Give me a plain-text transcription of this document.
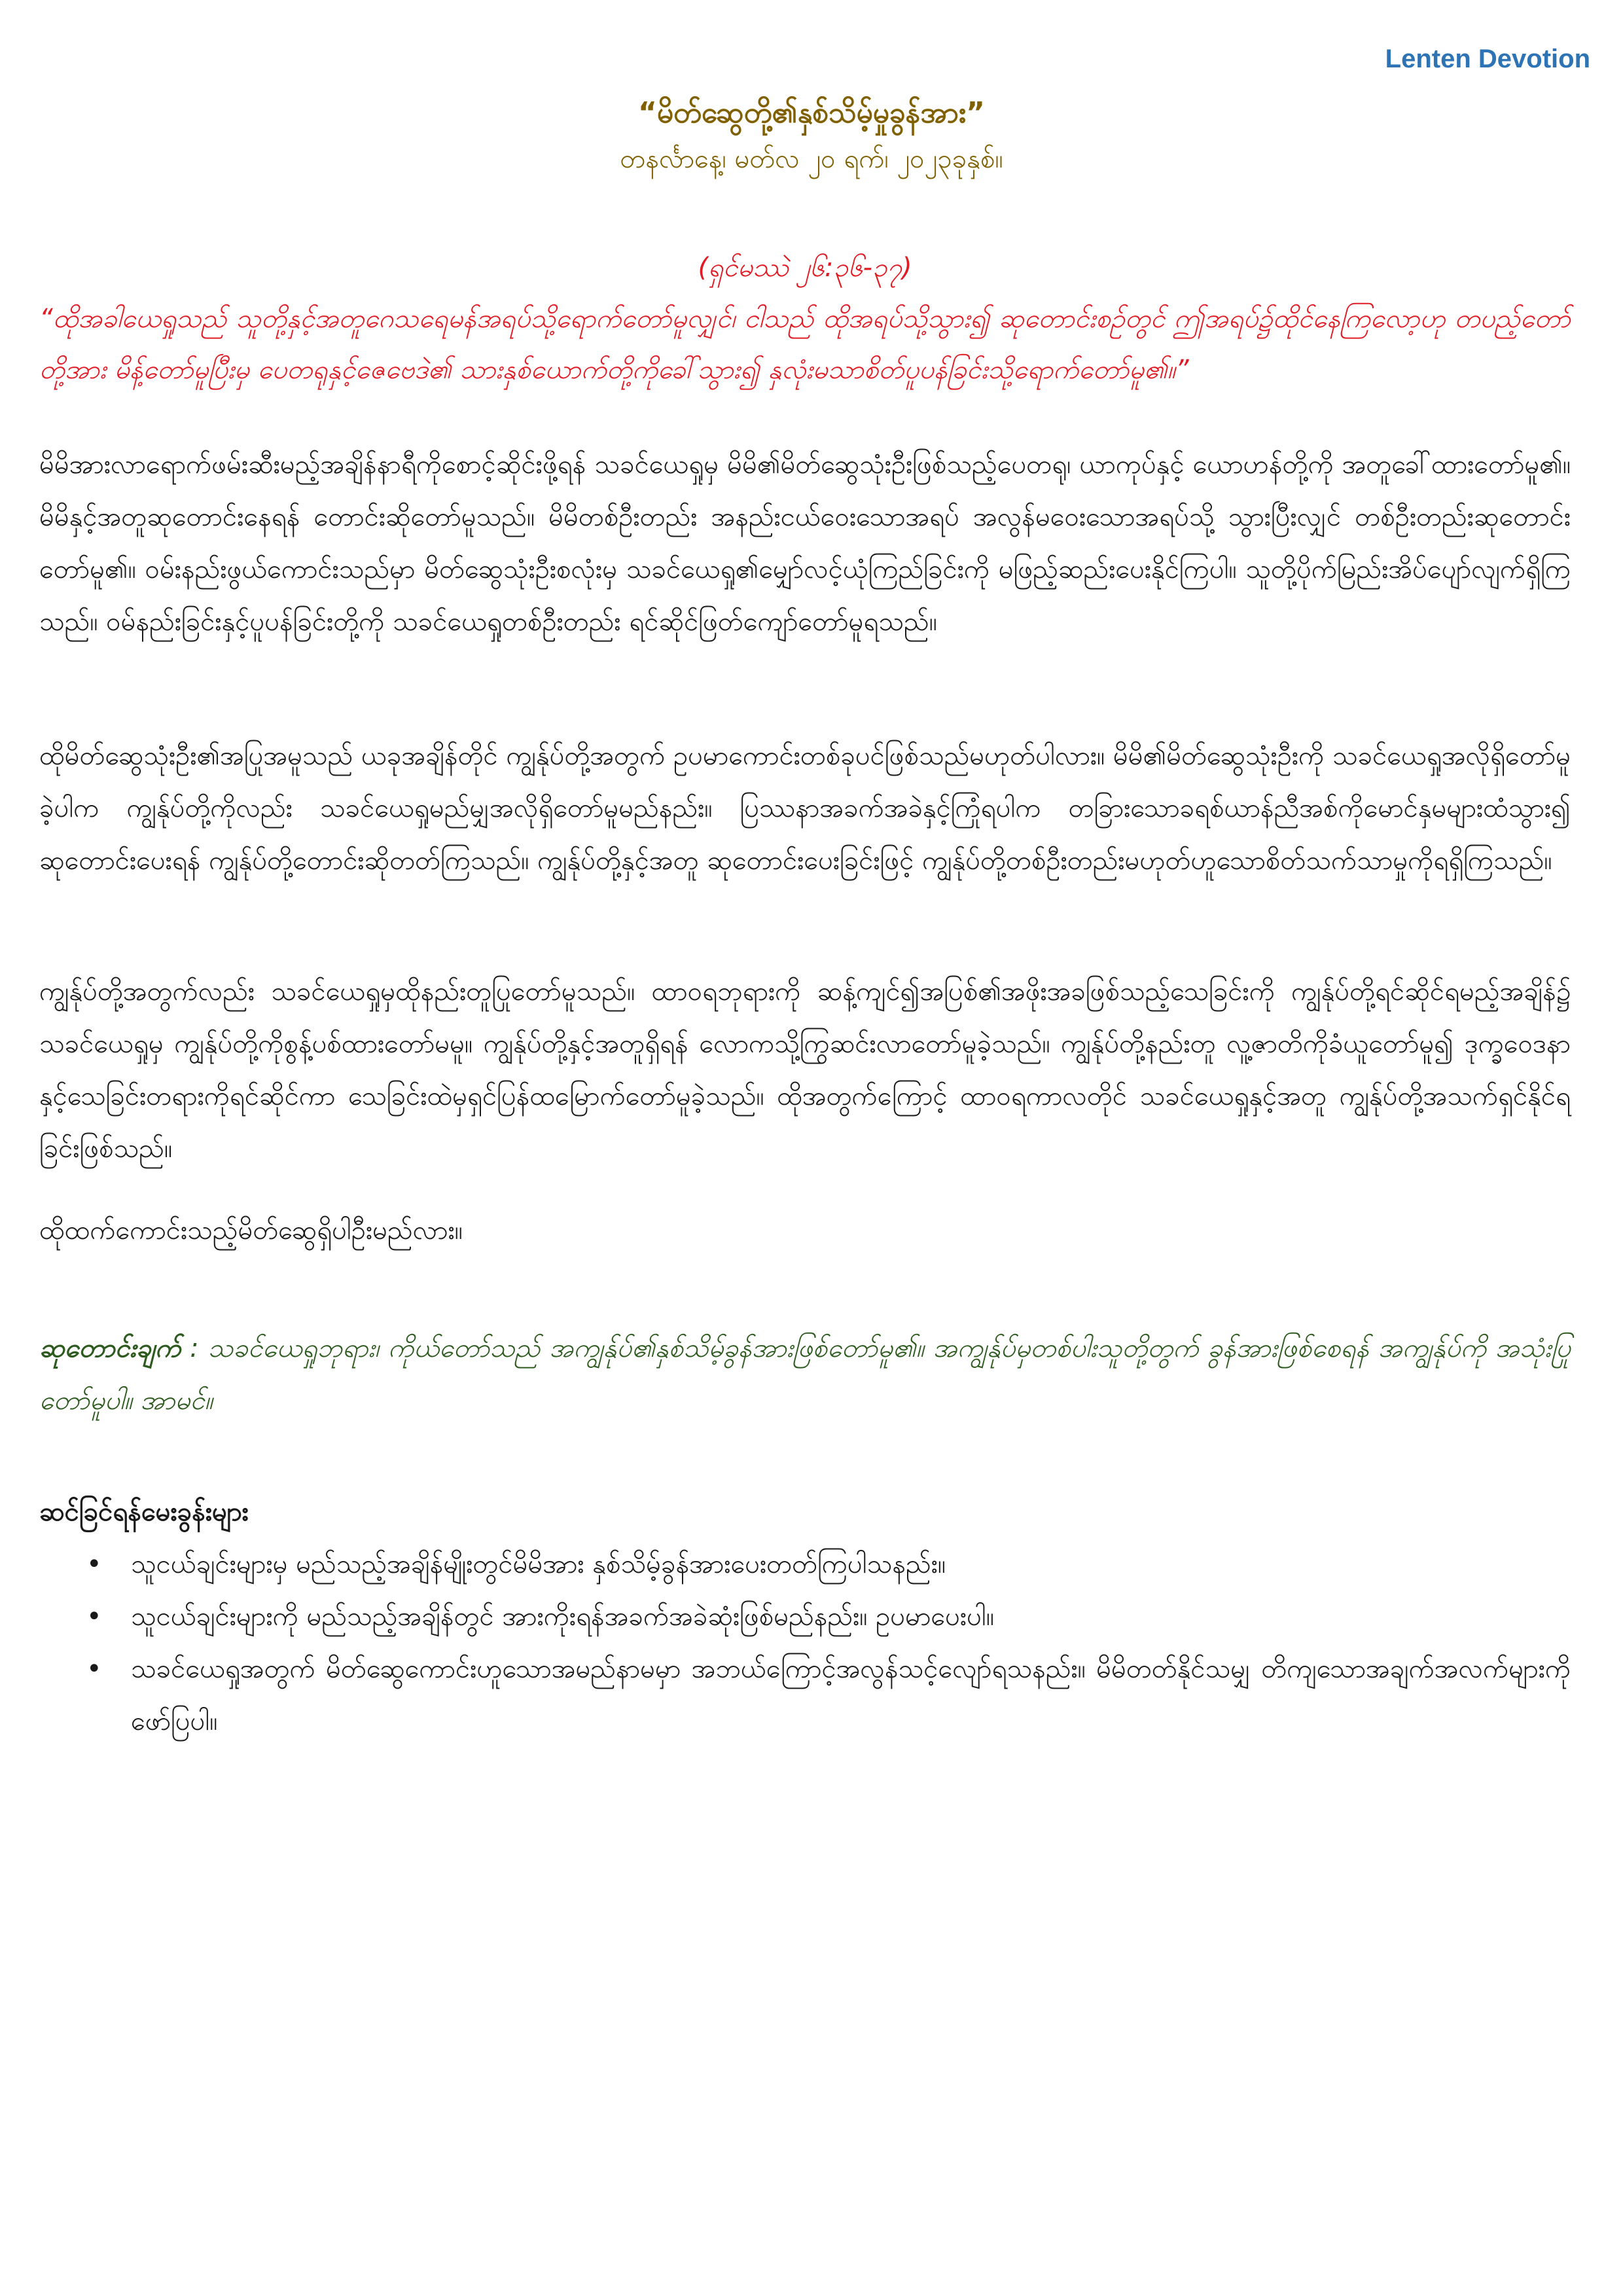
Lenten Devotion
“မိတ်ဆွေတို့၏နှစ်သိမ့်မှုခွန်အား”
တနင်္လာနေ့၊ မတ်လ ၂၀ ရက်၊ ၂၀၂၃ခုနှစ်။
(ရှင်မဿဲ ၂၆:၃၆-၃၇)
“ထိုအခါယေရှုသည် သူတို့နှင့်အတူဂေသရေမန်အရပ်သို့ရောက်တော်မူလျှင်၊ ငါသည် ထိုအရပ်သို့သွား၍ ဆုတောင်းစဉ်တွင် ဤအရပ်၌ထိုင်နေကြလော့ဟု တပည့်တော်တို့အား မိန့်တော်မူပြီးမှ ပေတရုနှင့်ဇေဗေဒဲ၏ သားနှစ်ယောက်တို့ကိုခေါ်သွား၍ နှလုံးမသာစိတ်ပူပန်ခြင်းသို့ရောက်တော်မူ၏။”

မိမိအားလာရောက်ဖမ်းဆီးမည့်အချိန်နာရီကိုစောင့်ဆိုင်းဖို့ရန် သခင်ယေရှုမှ မိမိ၏မိတ်ဆွေသုံးဦးဖြစ်သည့်ပေတရု၊ ယာကုပ်နှင့် ယောဟန်တို့ကို အတူခေါ်ထားတော်မူ၏။ မိမိနှင့်အတူဆုတောင်းနေရန် တောင်းဆိုတော်မူသည်။ မိမိတစ်ဦးတည်း အနည်းငယ်ဝေးသောအရပ် အလွန်မဝေးသောအရပ်သို့ သွားပြီးလျှင် တစ်ဦးတည်းဆုတောင်းတော်မူ၏။ ဝမ်းနည်းဖွယ်ကောင်းသည်မှာ မိတ်ဆွေသုံးဦးစလုံးမှ သခင်ယေရှု၏မျှော်လင့်ယုံကြည်ခြင်းကို မဖြည့်ဆည်းပေးနိုင်ကြပါ။ သူတို့ပိုက်မြည်းအိပ်ပျော်လျက်ရှိကြသည်။ ဝမ်နည်းခြင်းနှင့်ပူပန်ခြင်းတို့ကို သခင်ယေရှုတစ်ဦးတည်း ရင်ဆိုင်ဖြတ်ကျော်တော်မူရသည်။

ထိုမိတ်ဆွေသုံးဦး၏အပြုအမူသည် ယခုအချိန်တိုင် ကျွန်ုပ်တို့အတွက် ဥပမာကောင်းတစ်ခုပင်ဖြစ်သည်မဟုတ်ပါလား။ မိမိ၏မိတ်ဆွေသုံးဦးကို သခင်ယေရှုအလိုရှိတော်မူခဲ့ပါက ကျွန်ုပ်တို့ကိုလည်း သခင်ယေရှုမည်မျှအလိုရှိတော်မူမည်နည်း။ ပြဿနာအခက်အခဲနှင့်ကြုံရပါက တခြားသောခရစ်ယာန်ညီအစ်ကိုမောင်နှမများထံသွား၍ ဆုတောင်းပေးရန် ကျွန်ုပ်တို့တောင်းဆိုတတ်ကြသည်။ ကျွန်ုပ်တို့နှင့်အတူ ဆုတောင်းပေးခြင်းဖြင့် ကျွန်ုပ်တို့တစ်ဦးတည်းမဟုတ်ဟူသောစိတ်သက်သာမှုကိုရရှိကြသည်။

ကျွန်ုပ်တို့အတွက်လည်း သခင်ယေရှုမှထိုနည်းတူပြုတော်မူသည်။ ထာဝရဘုရားကို ဆန့်ကျင်၍အပြစ်၏အဖိုးအခဖြစ်သည့်သေခြင်းကို ကျွန်ုပ်တို့ရင်ဆိုင်ရမည့်အချိန်၌ သခင်ယေရှုမှ ကျွန်ုပ်တို့ကိုစွန့်ပစ်ထားတော်မမူ။ ကျွန်ုပ်တို့နှင့်အတူရှိရန် လောကသို့ကြွဆင်းလာတော်မူခဲ့သည်။ ကျွန်ုပ်တို့နည်းတူ လူ့ဇာတိကိုခံယူတော်မူ၍ ဒုက္ခဝေဒနာနှင့်သေခြင်းတရားကိုရင်ဆိုင်ကာ သေခြင်းထဲမှရှင်ပြန်ထမြောက်တော်မူခဲ့သည်။ ထိုအတွက်ကြောင့် ထာဝရကာလတိုင် သခင်ယေရှုနှင့်အတူ ကျွန်ုပ်တို့အသက်ရှင်နိုင်ရခြင်းဖြစ်သည်။

ထိုထက်ကောင်းသည့်မိတ်ဆွေရှိပါဦးမည်လား။

ဆုတောင်းချက် : သခင်ယေရှုဘုရား၊ ကိုယ်တော်သည် အကျွန်ုပ်၏နှစ်သိမ့်ခွန်အားဖြစ်တော်မူ၏။ အကျွန်ုပ်မှတစ်ပါးသူတို့တွက် ခွန်အားဖြစ်စေရန် အကျွန်ုပ်ကို အသုံးပြုတော်မူပါ။ အာမင်။
ဆင်ခြင်ရန်မေးခွန်းများ
• သူငယ်ချင်းများမှ မည်သည့်အချိန်မျိုးတွင်မိမိအား နှစ်သိမ့်ခွန်အားပေးတတ်ကြပါသနည်း။
• သူငယ်ချင်းများကို မည်သည့်အချိန်တွင် အားကိုးရန်အခက်အခဲဆုံးဖြစ်မည်နည်း။ ဥပမာပေးပါ။
• သခင်ယေရှုအတွက် မိတ်ဆွေကောင်းဟူသောအမည်နာမမှာ အဘယ်ကြောင့်အလွန်သင့်လျော်ရသနည်း။ မိမိတတ်နိုင်သမျှ တိကျသောအချက်အလက်များကိုဖော်ပြပါ။
